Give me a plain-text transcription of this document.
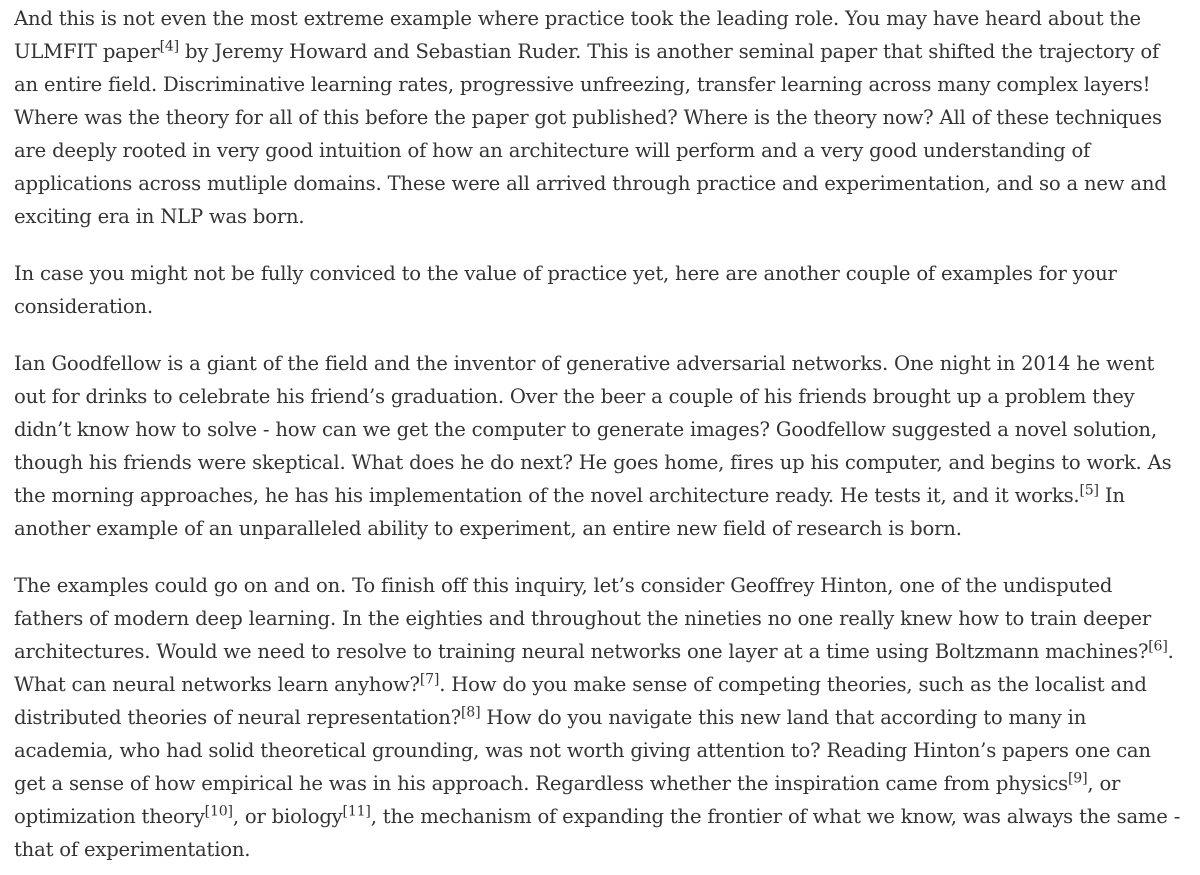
And this is not even the most extreme example where practice took the leading role. You may have heard about the ULMFIT paper[4] by Jeremy Howard and Sebastian Ruder. This is another seminal paper that shifted the trajectory of an entire field. Discriminative learning rates, progressive unfreezing, transfer learning across many complex layers! Where was the theory for all of this before the paper got published? Where is the theory now? All of these techniques are deeply rooted in very good intuition of how an architecture will perform and a very good understanding of applications across mutliple domains. These were all arrived through practice and experimentation, and so a new and exciting era in NLP was born.

In case you might not be fully conviced to the value of practice yet, here are another couple of examples for your consideration.

Ian Goodfellow is a giant of the field and the inventor of generative adversarial networks. One night in 2014 he went out for drinks to celebrate his friend’s graduation. Over the beer a couple of his friends brought up a problem they didn’t know how to solve - how can we get the computer to generate images? Goodfellow suggested a novel solution, though his friends were skeptical. What does he do next? He goes home, fires up his computer, and begins to work. As the morning approaches, he has his implementation of the novel architecture ready. He tests it, and it works.[5] In another example of an unparalleled ability to experiment, an entire new field of research is born.

The examples could go on and on. To finish off this inquiry, let’s consider Geoffrey Hinton, one of the undisputed fathers of modern deep learning. In the eighties and throughout the nineties no one really knew how to train deeper architectures. Would we need to resolve to training neural networks one layer at a time using Boltzmann machines?[6]. What can neural networks learn anyhow?[7]. How do you make sense of competing theories, such as the localist and distributed theories of neural representation?[8] How do you navigate this new land that according to many in academia, who had solid theoretical grounding, was not worth giving attention to? Reading Hinton’s papers one can get a sense of how empirical he was in his approach. Regardless whether the inspiration came from physics[9], or optimization theory[10], or biology[11], the mechanism of expanding the frontier of what we know, was always the same - that of experimentation.
